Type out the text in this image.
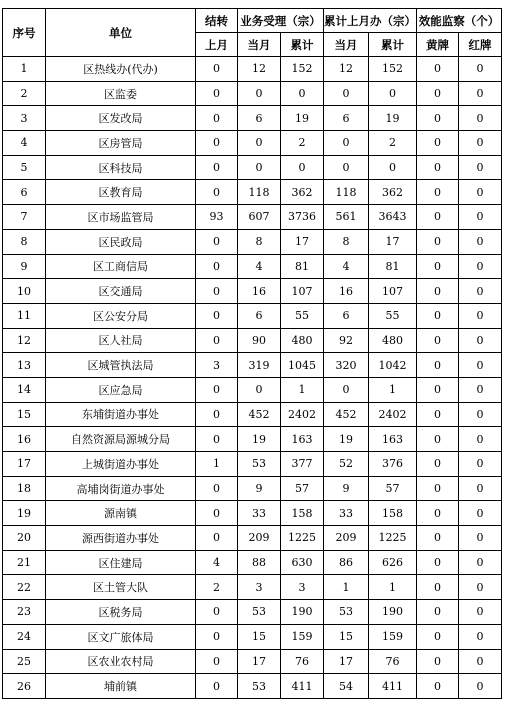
序号	单位	结转	业务受理（宗）		累计上月办（宗）		效能监察（个）	
		上月	当月	累计	当月	累计	黄牌	红牌
1	区热线办(代办)	0	12	152	12	152	0	0
2	区监委	0	0	0	0	0	0	0
3	区发改局	0	6	19	6	19	0	0
4	区房管局	0	0	2	0	2	0	0
5	区科技局	0	0	0	0	0	0	0
6	区教育局	0	118	362	118	362	0	0
7	区市场监管局	93	607	3736	561	3643	0	0
8	区民政局	0	8	17	8	17	0	0
9	区工商信局	0	4	81	4	81	0	0
10	区交通局	0	16	107	16	107	0	0
11	区公安分局	0	6	55	6	55	0	0
12	区人社局	0	90	480	92	480	0	0
13	区城管执法局	3	319	1045	320	1042	0	0
14	区应急局	0	0	1	0	1	0	0
15	东埔街道办事处	0	452	2402	452	2402	0	0
16	自然资源局源城分局	0	19	163	19	163	0	0
17	上城街道办事处	1	53	377	52	376	0	0
18	高埔岗街道办事处	0	9	57	9	57	0	0
19	源南镇	0	33	158	33	158	0	0
20	源西街道办事处	0	209	1225	209	1225	0	0
21	区住建局	4	88	630	86	626	0	0
22	区土管大队	2	3	3	1	1	0	0
23	区税务局	0	53	190	53	190	0	0
24	区文广旅体局	0	15	159	15	159	0	0
25	区农业农村局	0	17	76	17	76	0	0
26	埔前镇	0	53	411	54	411	0	0
